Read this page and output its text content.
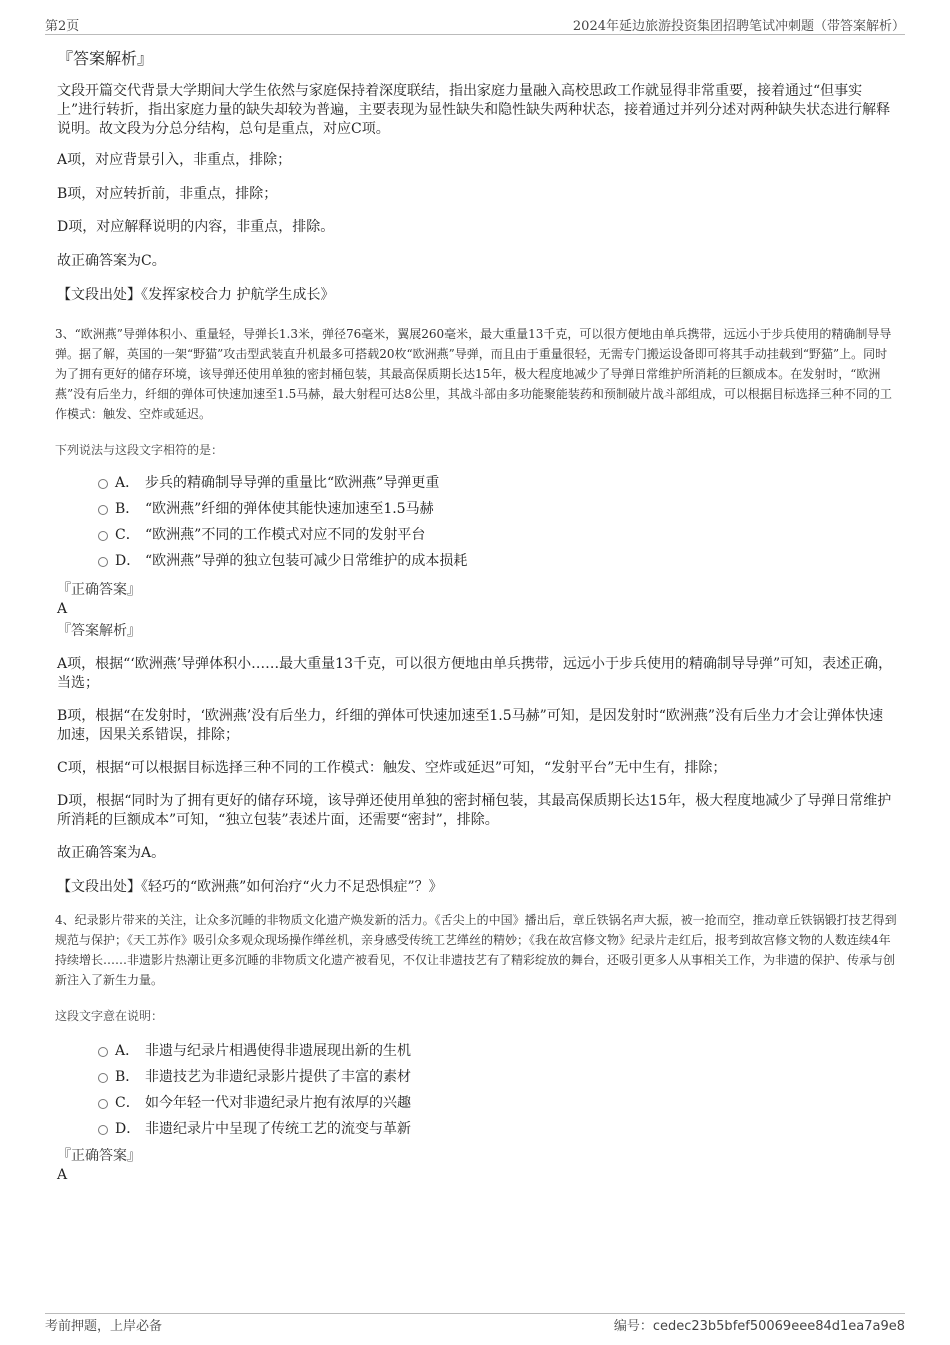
第2页	2024年延边旅游投资集团招聘笔试冲刺题（带答案解析）
『答案解析』

文段开篇交代背景大学期间大学生依然与家庭保持着深度联结，指出家庭力量融入高校思政工作就显得非常重要，接着通过“但事实上”进行转折，指出家庭力量的缺失却较为普遍，主要表现为显性缺失和隐性缺失两种状态，接着通过并列分述对两种缺失状态进行解释说明。故文段为分总分结构，总句是重点，对应C项。

A项，对应背景引入，非重点，排除；

B项，对应转折前，非重点，排除；

D项，对应解释说明的内容，非重点，排除。

故正确答案为C。

【文段出处】《发挥家校合力 护航学生成长》

3、“欧洲燕”导弹体积小、重量轻，导弹长1.3米，弹径76毫米，翼展260毫米，最大重量13千克，可以很方便地由单兵携带，远远小于步兵使用的精确制导导弹。据了解，英国的一架“野猫”攻击型武装直升机最多可搭载20枚“欧洲燕”导弹，而且由于重量很轻，无需专门搬运设备即可将其手动挂载到“野猫”上。同时为了拥有更好的储存环境，该导弹还使用单独的密封桶包装，其最高保质期长达15年，极大程度地减少了导弹日常维护所消耗的巨额成本。在发射时，“欧洲燕”没有后坐力，纤细的弹体可快速加速至1.5马赫，最大射程可达8公里，其战斗部由多功能聚能装药和预制破片战斗部组成，可以根据目标选择三种不同的工作模式：触发、空炸或延迟。

下列说法与这段文字相符的是：
A． 步兵的精确制导导弹的重量比“欧洲燕”导弹更重
B． “欧洲燕”纤细的弹体使其能快速加速至1.5马赫
C． “欧洲燕”不同的工作模式对应不同的发射平台
D． “欧洲燕”导弹的独立包装可减少日常维护的成本损耗
『正确答案』
A
『答案解析』

A项，根据“‘欧洲燕’导弹体积小……最大重量13千克，可以很方便地由单兵携带，远远小于步兵使用的精确制导导弹”可知，表述正确，当选；

B项，根据“在发射时，‘欧洲燕’没有后坐力，纤细的弹体可快速加速至1.5马赫”可知，是因发射时“欧洲燕”没有后坐力才会让弹体快速加速，因果关系错误，排除；

C项，根据“可以根据目标选择三种不同的工作模式：触发、空炸或延迟”可知，“发射平台”无中生有，排除；

D项，根据“同时为了拥有更好的储存环境，该导弹还使用单独的密封桶包装，其最高保质期长达15年，极大程度地减少了导弹日常维护所消耗的巨额成本”可知，“独立包装”表述片面，还需要“密封”，排除。

故正确答案为A。

【文段出处】《轻巧的“欧洲燕”如何治疗“火力不足恐惧症”？》

4、纪录影片带来的关注，让众多沉睡的非物质文化遗产焕发新的活力。《舌尖上的中国》播出后，章丘铁锅名声大振，被一抢而空，推动章丘铁锅锻打技艺得到规范与保护；《天工苏作》吸引众多观众现场操作缂丝机，亲身感受传统工艺缂丝的精妙；《我在故宫修文物》纪录片走红后，报考到故宫修文物的人数连续4年持续增长……非遗影片热潮让更多沉睡的非物质文化遗产被看见，不仅让非遗技艺有了精彩绽放的舞台，还吸引更多人从事相关工作，为非遗的保护、传承与创新注入了新生力量。

这段文字意在说明：
A． 非遗与纪录片相遇使得非遗展现出新的生机
B． 非遗技艺为非遗纪录影片提供了丰富的素材
C． 如今年轻一代对非遗纪录片抱有浓厚的兴趣
D． 非遗纪录片中呈现了传统工艺的流变与革新
『正确答案』
A
考前押题，上岸必备	编号：cedec23b5bfef50069eee84d1ea7a9e8
